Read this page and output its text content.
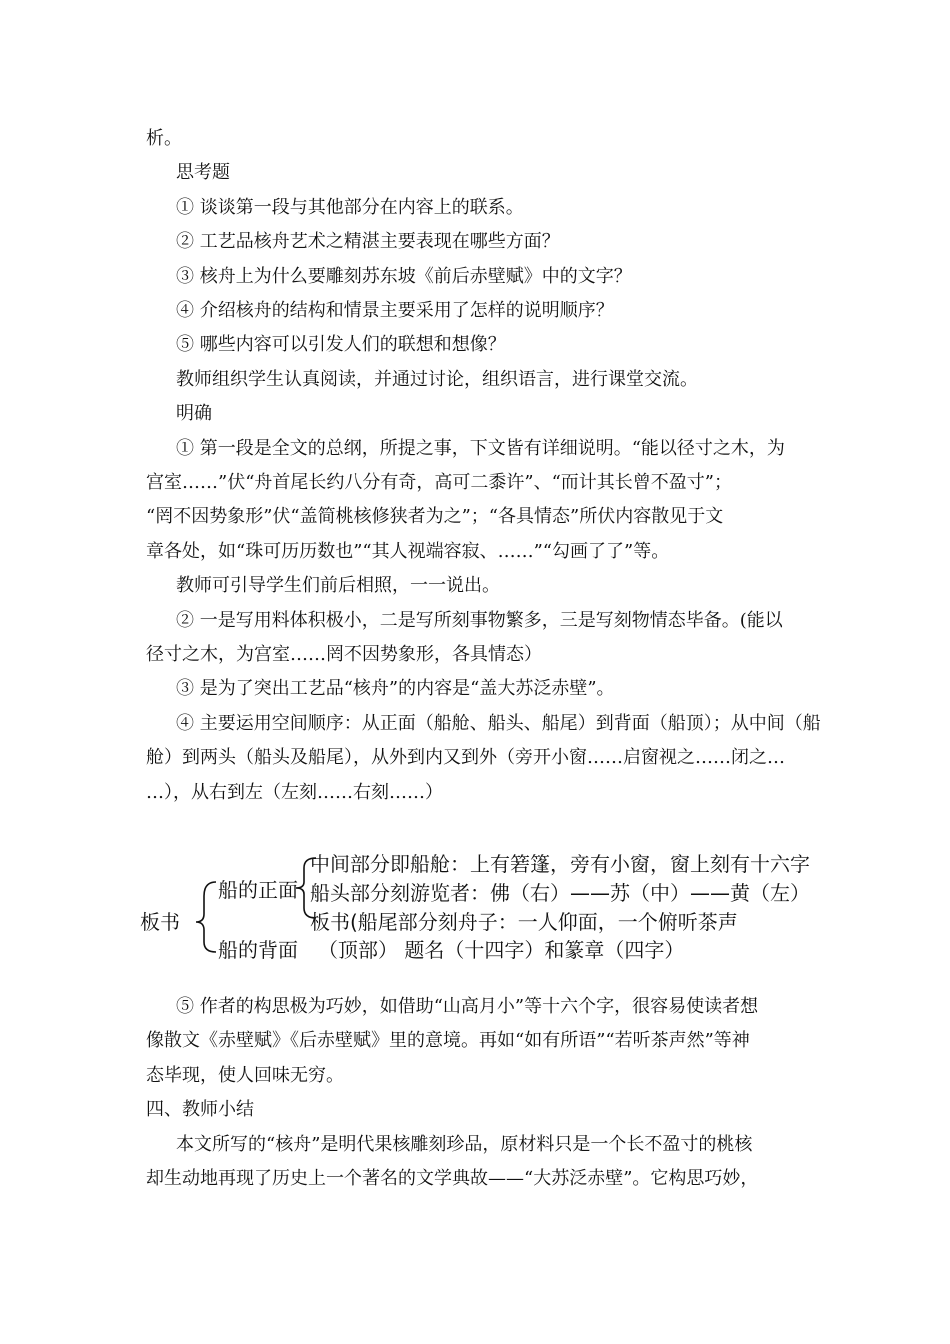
析。
思考题
① 谈谈第一段与其他部分在内容上的联系。
② 工艺品核舟艺术之精湛主要表现在哪些方面？
③ 核舟上为什么要雕刻苏东坡《前后赤壁赋》中的文字？
④ 介绍核舟的结构和情景主要采用了怎样的说明顺序？
⑤ 哪些内容可以引发人们的联想和想像？
教师组织学生认真阅读，并通过讨论，组织语言，进行课堂交流。
明确
① 第一段是全文的总纲，所提之事，下文皆有详细说明。“能以径寸之木，为
宫室……”伏“舟首尾长约八分有奇，高可二黍许”、“而计其长曾不盈寸”；
“罔不因势象形”伏“盖简桃核修狭者为之”；“各具情态”所伏内容散见于文
章各处，如“珠可历历数也”“其人视端容寂、……”“勾画了了”等。
教师可引导学生们前后相照，一一说出。
② 一是写用料体积极小，二是写所刻事物繁多，三是写刻物情态毕备。(能以
径寸之木，为宫室……罔不因势象形，各具情态）
③ 是为了突出工艺品“核舟”的内容是“盖大苏泛赤壁”。
④ 主要运用空间顺序：从正面（船舱、船头、船尾）到背面（船顶）；从中间（船
舱）到两头（船头及船尾），从外到内又到外（旁开小窗……启窗视之……闭之…
…），从右到左（左刻……右刻……）
板书
船的正面
船的背面
中间部分即船舱：上有箬篷，旁有小窗，窗上刻有十六字
船头部分刻游览者：佛（右）——苏（中）——黄（左）
板书(船尾部分刻舟子：一人仰面，一个俯听茶声
（顶部） 题名（十四字）和篆章（四字）
⑤ 作者的构思极为巧妙，如借助“山高月小”等十六个字，很容易使读者想
像散文《赤壁赋》《后赤壁赋》里的意境。再如“如有所语”“若听茶声然”等神
态毕现，使人回味无穷。
四、教师小结
本文所写的“核舟”是明代果核雕刻珍品，原材料只是一个长不盈寸的桃核
却生动地再现了历史上一个著名的文学典故——“大苏泛赤壁”。它构思巧妙，
